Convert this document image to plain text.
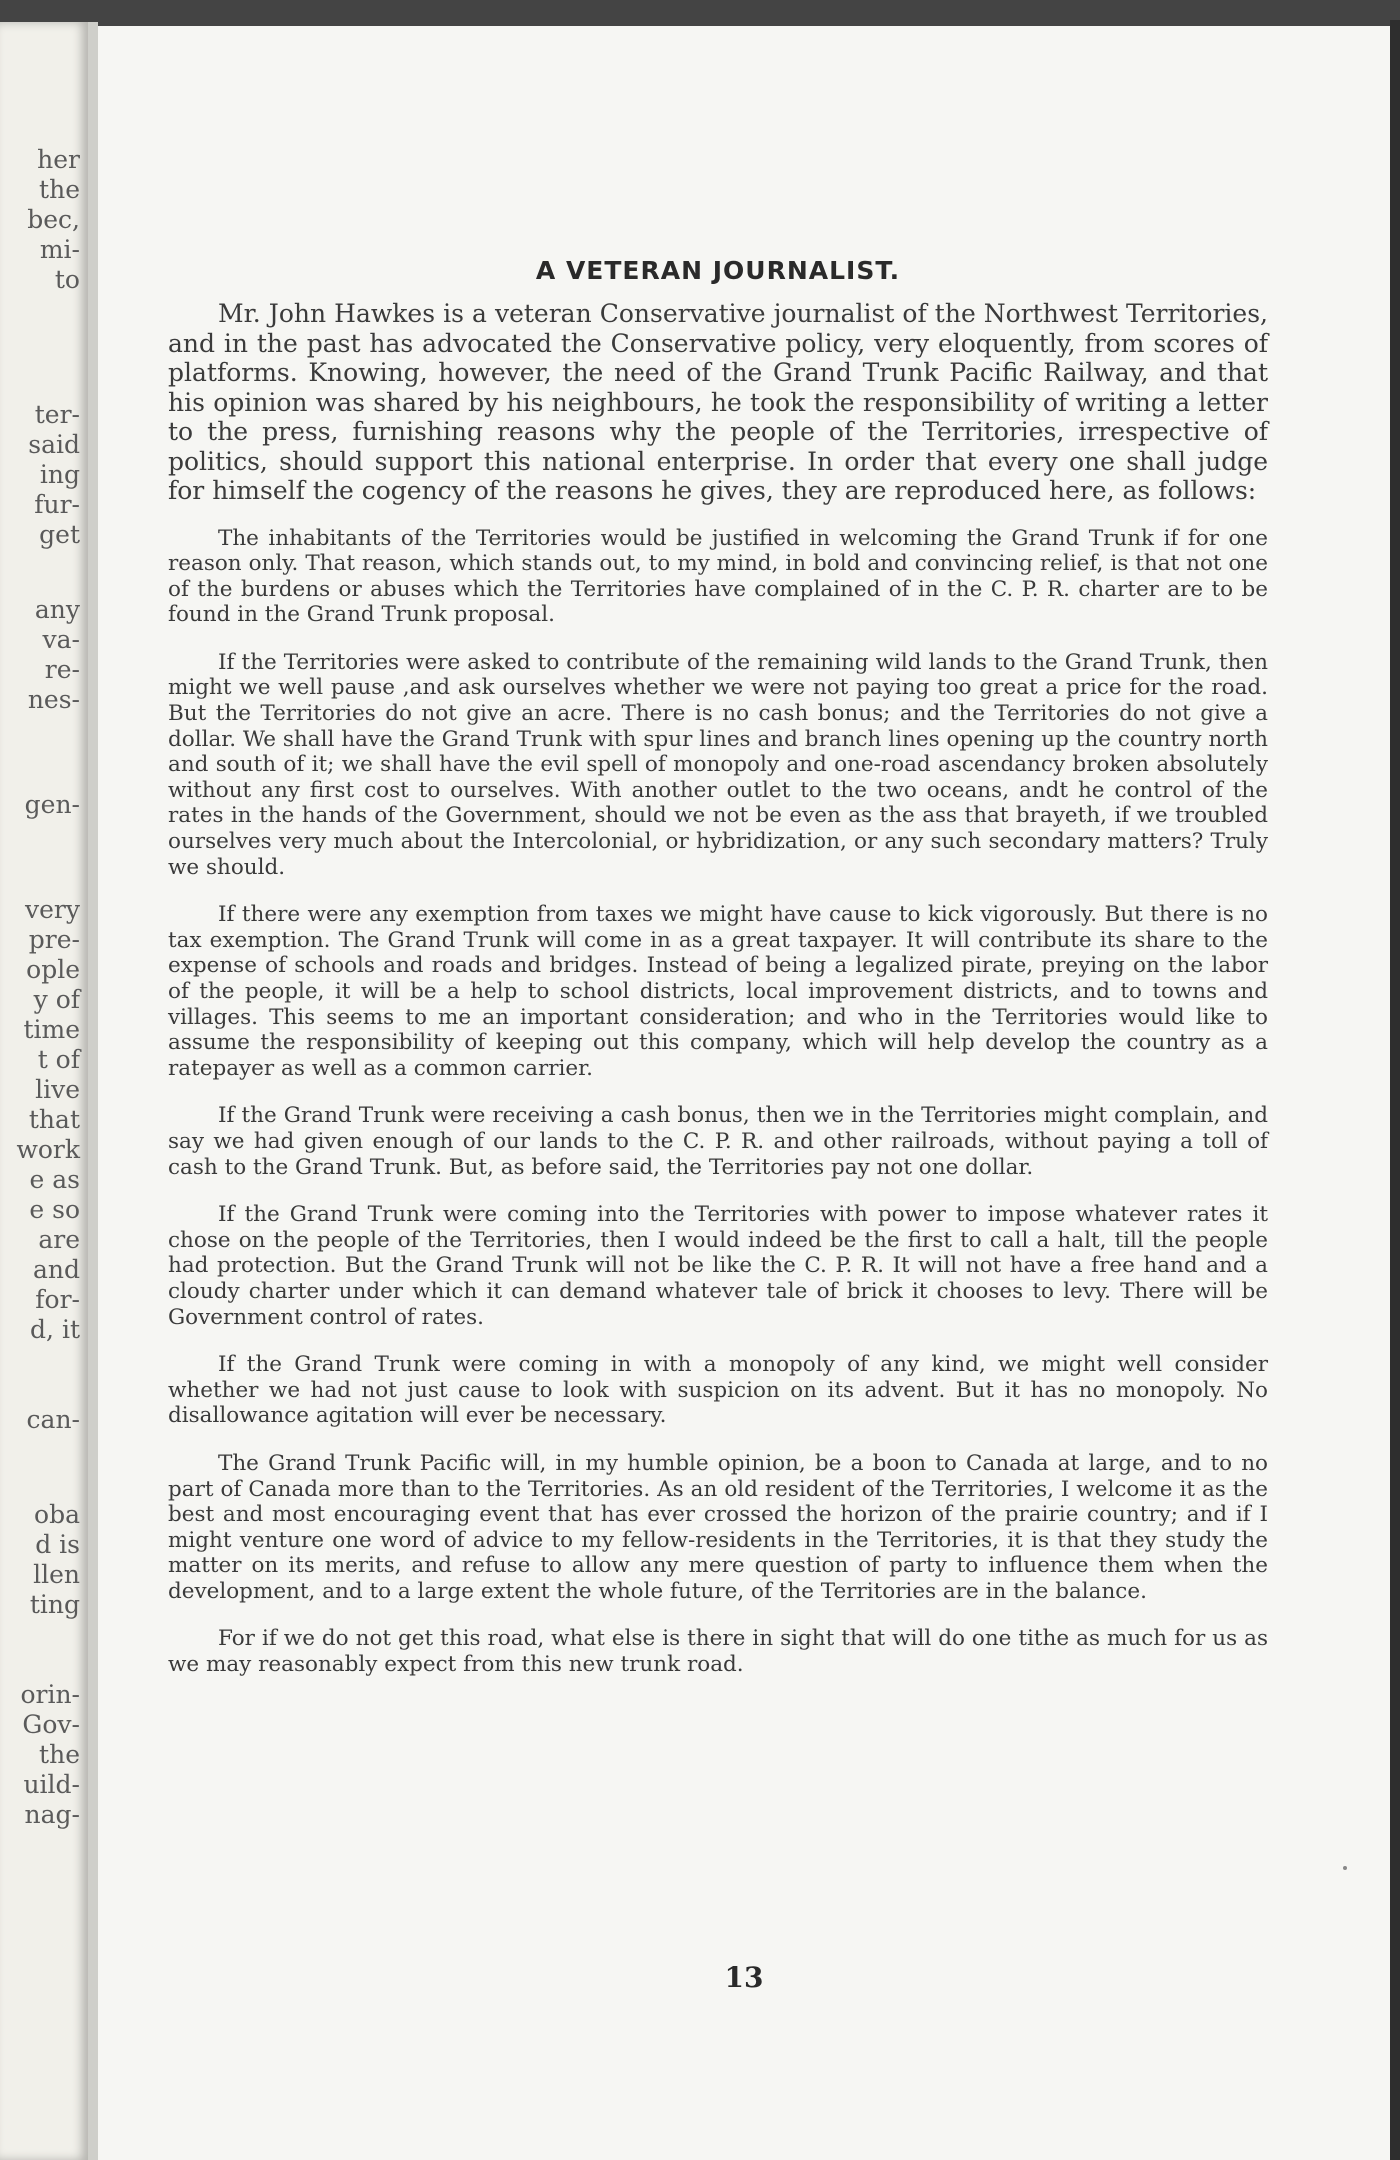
her
the
bec,
mi-
to
ter-
said
ing
fur-
get
any
va-
re-
nes-
gen-
very
pre-
ople
y of
time
t of
live
that
work
e as
e so
are
and
for-
d, it
can-
oba
d is
llen
ting
orin-
Gov-
the
uild-
nag-
A VETERAN JOURNALIST.

Mr. John Hawkes is a veteran Conservative journalist of the Northwest Territories, and in the past has advocated the Conservative policy, very eloquently, from scores of platforms. Knowing, however, the need of the Grand Trunk Pacific Railway, and that his opinion was shared by his neighbours, he took the responsibility of writing a letter to the press, furnishing reasons why the people of the Territories, irrespective of politics, should support this national enterprise. In order that every one shall judge for himself the cogency of the reasons he gives, they are reproduced here, as follows:

The inhabitants of the Territories would be justified in welcoming the Grand Trunk if for one reason only. That reason, which stands out, to my mind, in bold and convincing relief, is that not one of the burdens or abuses which the Territories have complained of in the C. P. R. charter are to be found in the Grand Trunk proposal.

If the Territories were asked to contribute of the remaining wild lands to the Grand Trunk, then might we well pause ,and ask ourselves whether we were not paying too great a price for the road. But the Territories do not give an acre. There is no cash bonus; and the Territories do not give a dollar. We shall have the Grand Trunk with spur lines and branch lines opening up the country north and south of it; we shall have the evil spell of monopoly and one-road ascendancy broken absolutely without any first cost to ourselves. With another outlet to the two oceans, andt he control of the rates in the hands of the Government, should we not be even as the ass that brayeth, if we troubled ourselves very much about the Intercolonial, or hybridization, or any such secondary matters? Truly we should.

If there were any exemption from taxes we might have cause to kick vigorously. But there is no tax exemption. The Grand Trunk will come in as a great taxpayer. It will contribute its share to the expense of schools and roads and bridges. Instead of being a legalized pirate, preying on the labor of the people, it will be a help to school districts, local improvement districts, and to towns and villages. This seems to me an important consideration; and who in the Territories would like to assume the responsibility of keeping out this company, which will help develop the country as a ratepayer as well as a common carrier.

If the Grand Trunk were receiving a cash bonus, then we in the Territories might complain, and say we had given enough of our lands to the C. P. R. and other railroads, without paying a toll of cash to the Grand Trunk. But, as before said, the Territories pay not one dollar.

If the Grand Trunk were coming into the Territories with power to impose whatever rates it chose on the people of the Territories, then I would indeed be the first to call a halt, till the people had protection. But the Grand Trunk will not be like the C. P. R. It will not have a free hand and a cloudy charter under which it can demand whatever tale of brick it chooses to levy. There will be Government control of rates.

If the Grand Trunk were coming in with a monopoly of any kind, we might well consider whether we had not just cause to look with suspicion on its advent. But it has no monopoly. No disallowance agitation will ever be necessary.

The Grand Trunk Pacific will, in my humble opinion, be a boon to Canada at large, and to no part of Canada more than to the Territories. As an old resident of the Territories, I welcome it as the best and most encouraging event that has ever crossed the horizon of the prairie country; and if I might venture one word of advice to my fellow-residents in the Territories, it is that they study the matter on its merits, and refuse to allow any mere question of party to influence them when the development, and to a large extent the whole future, of the Territories are in the balance.

For if we do not get this road, what else is there in sight that will do one tithe as much for us as we may reasonably expect from this new trunk road.

13
